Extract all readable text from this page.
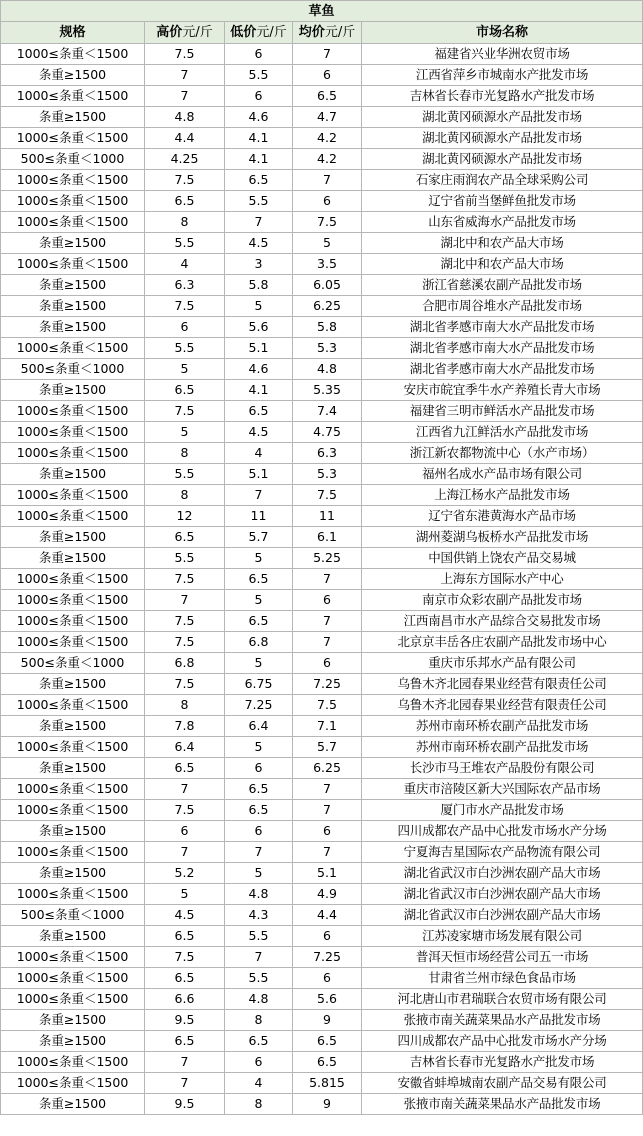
草鱼				
规格	高价元/斤	低价元/斤	均价元/斤	市场名称
1000≤条重＜1500	7.5	6	7	福建省兴业华洲农贸市场
条重≥1500	7	5.5	6	江西省萍乡市城南水产批发市场
1000≤条重＜1500	7	6	6.5	吉林省长春市光复路水产批发市场
条重≥1500	4.8	4.6	4.7	湖北黄冈硕源水产品批发市场
1000≤条重＜1500	4.4	4.1	4.2	湖北黄冈硕源水产品批发市场
500≤条重＜1000	4.25	4.1	4.2	湖北黄冈硕源水产品批发市场
1000≤条重＜1500	7.5	6.5	7	石家庄雨润农产品全球采购公司
1000≤条重＜1500	6.5	5.5	6	辽宁省前当堡鲜鱼批发市场
1000≤条重＜1500	8	7	7.5	山东省威海水产品批发市场
条重≥1500	5.5	4.5	5	湖北中和农产品大市场
1000≤条重＜1500	4	3	3.5	湖北中和农产品大市场
条重≥1500	6.3	5.8	6.05	浙江省慈溪农副产品批发市场
条重≥1500	7.5	5	6.25	合肥市周谷堆水产品批发市场
条重≥1500	6	5.6	5.8	湖北省孝感市南大水产品批发市场
1000≤条重＜1500	5.5	5.1	5.3	湖北省孝感市南大水产品批发市场
500≤条重＜1000	5	4.6	4.8	湖北省孝感市南大水产品批发市场
条重≥1500	6.5	4.1	5.35	安庆市皖宜季牛水产养殖长青大市场
1000≤条重＜1500	7.5	6.5	7.4	福建省三明市鲜活水产品批发市场
1000≤条重＜1500	5	4.5	4.75	江西省九江鲜活水产品批发市场
1000≤条重＜1500	8	4	6.3	浙江新农都物流中心（水产市场）
条重≥1500	5.5	5.1	5.3	福州名成水产品市场有限公司
1000≤条重＜1500	8	7	7.5	上海江杨水产品批发市场
1000≤条重＜1500	12	11	11	辽宁省东港黄海水产品市场
条重≥1500	6.5	5.7	6.1	湖州菱湖乌板桥水产品批发市场
条重≥1500	5.5	5	5.25	中国供销上饶农产品交易城
1000≤条重＜1500	7.5	6.5	7	上海东方国际水产中心
1000≤条重＜1500	7	5	6	南京市众彩农副产品批发市场
1000≤条重＜1500	7.5	6.5	7	江西南昌市水产品综合交易批发市场
1000≤条重＜1500	7.5	6.8	7	北京京丰岳各庄农副产品批发市场中心
500≤条重＜1000	6.8	5	6	重庆市乐邦水产品有限公司
条重≥1500	7.5	6.75	7.25	乌鲁木齐北园春果业经营有限责任公司
1000≤条重＜1500	8	7.25	7.5	乌鲁木齐北园春果业经营有限责任公司
条重≥1500	7.8	6.4	7.1	苏州市南环桥农副产品批发市场
1000≤条重＜1500	6.4	5	5.7	苏州市南环桥农副产品批发市场
条重≥1500	6.5	6	6.25	长沙市马王堆农产品股份有限公司
1000≤条重＜1500	7	6.5	7	重庆市涪陵区新大兴国际农产品市场
1000≤条重＜1500	7.5	6.5	7	厦门市水产品批发市场
条重≥1500	6	6	6	四川成都农产品中心批发市场水产分场
1000≤条重＜1500	7	7	7	宁夏海吉星国际农产品物流有限公司
条重≥1500	5.2	5	5.1	湖北省武汉市白沙洲农副产品大市场
1000≤条重＜1500	5	4.8	4.9	湖北省武汉市白沙洲农副产品大市场
500≤条重＜1000	4.5	4.3	4.4	湖北省武汉市白沙洲农副产品大市场
条重≥1500	6.5	5.5	6	江苏凌家塘市场发展有限公司
1000≤条重＜1500	7.5	7	7.25	普洱天恒市场经营公司五一市场
1000≤条重＜1500	6.5	5.5	6	甘肃省兰州市绿色食品市场
1000≤条重＜1500	6.6	4.8	5.6	河北唐山市君瑞联合农贸市场有限公司
条重≥1500	9.5	8	9	张掖市南关蔬菜果品水产品批发市场
条重≥1500	6.5	6.5	6.5	四川成都农产品中心批发市场水产分场
1000≤条重＜1500	7	6	6.5	吉林省长春市光复路水产批发市场
1000≤条重＜1500	7	4	5.815	安徽省蚌埠城南农副产品交易有限公司
条重≥1500	9.5	8	9	张掖市南关蔬菜果品水产品批发市场
